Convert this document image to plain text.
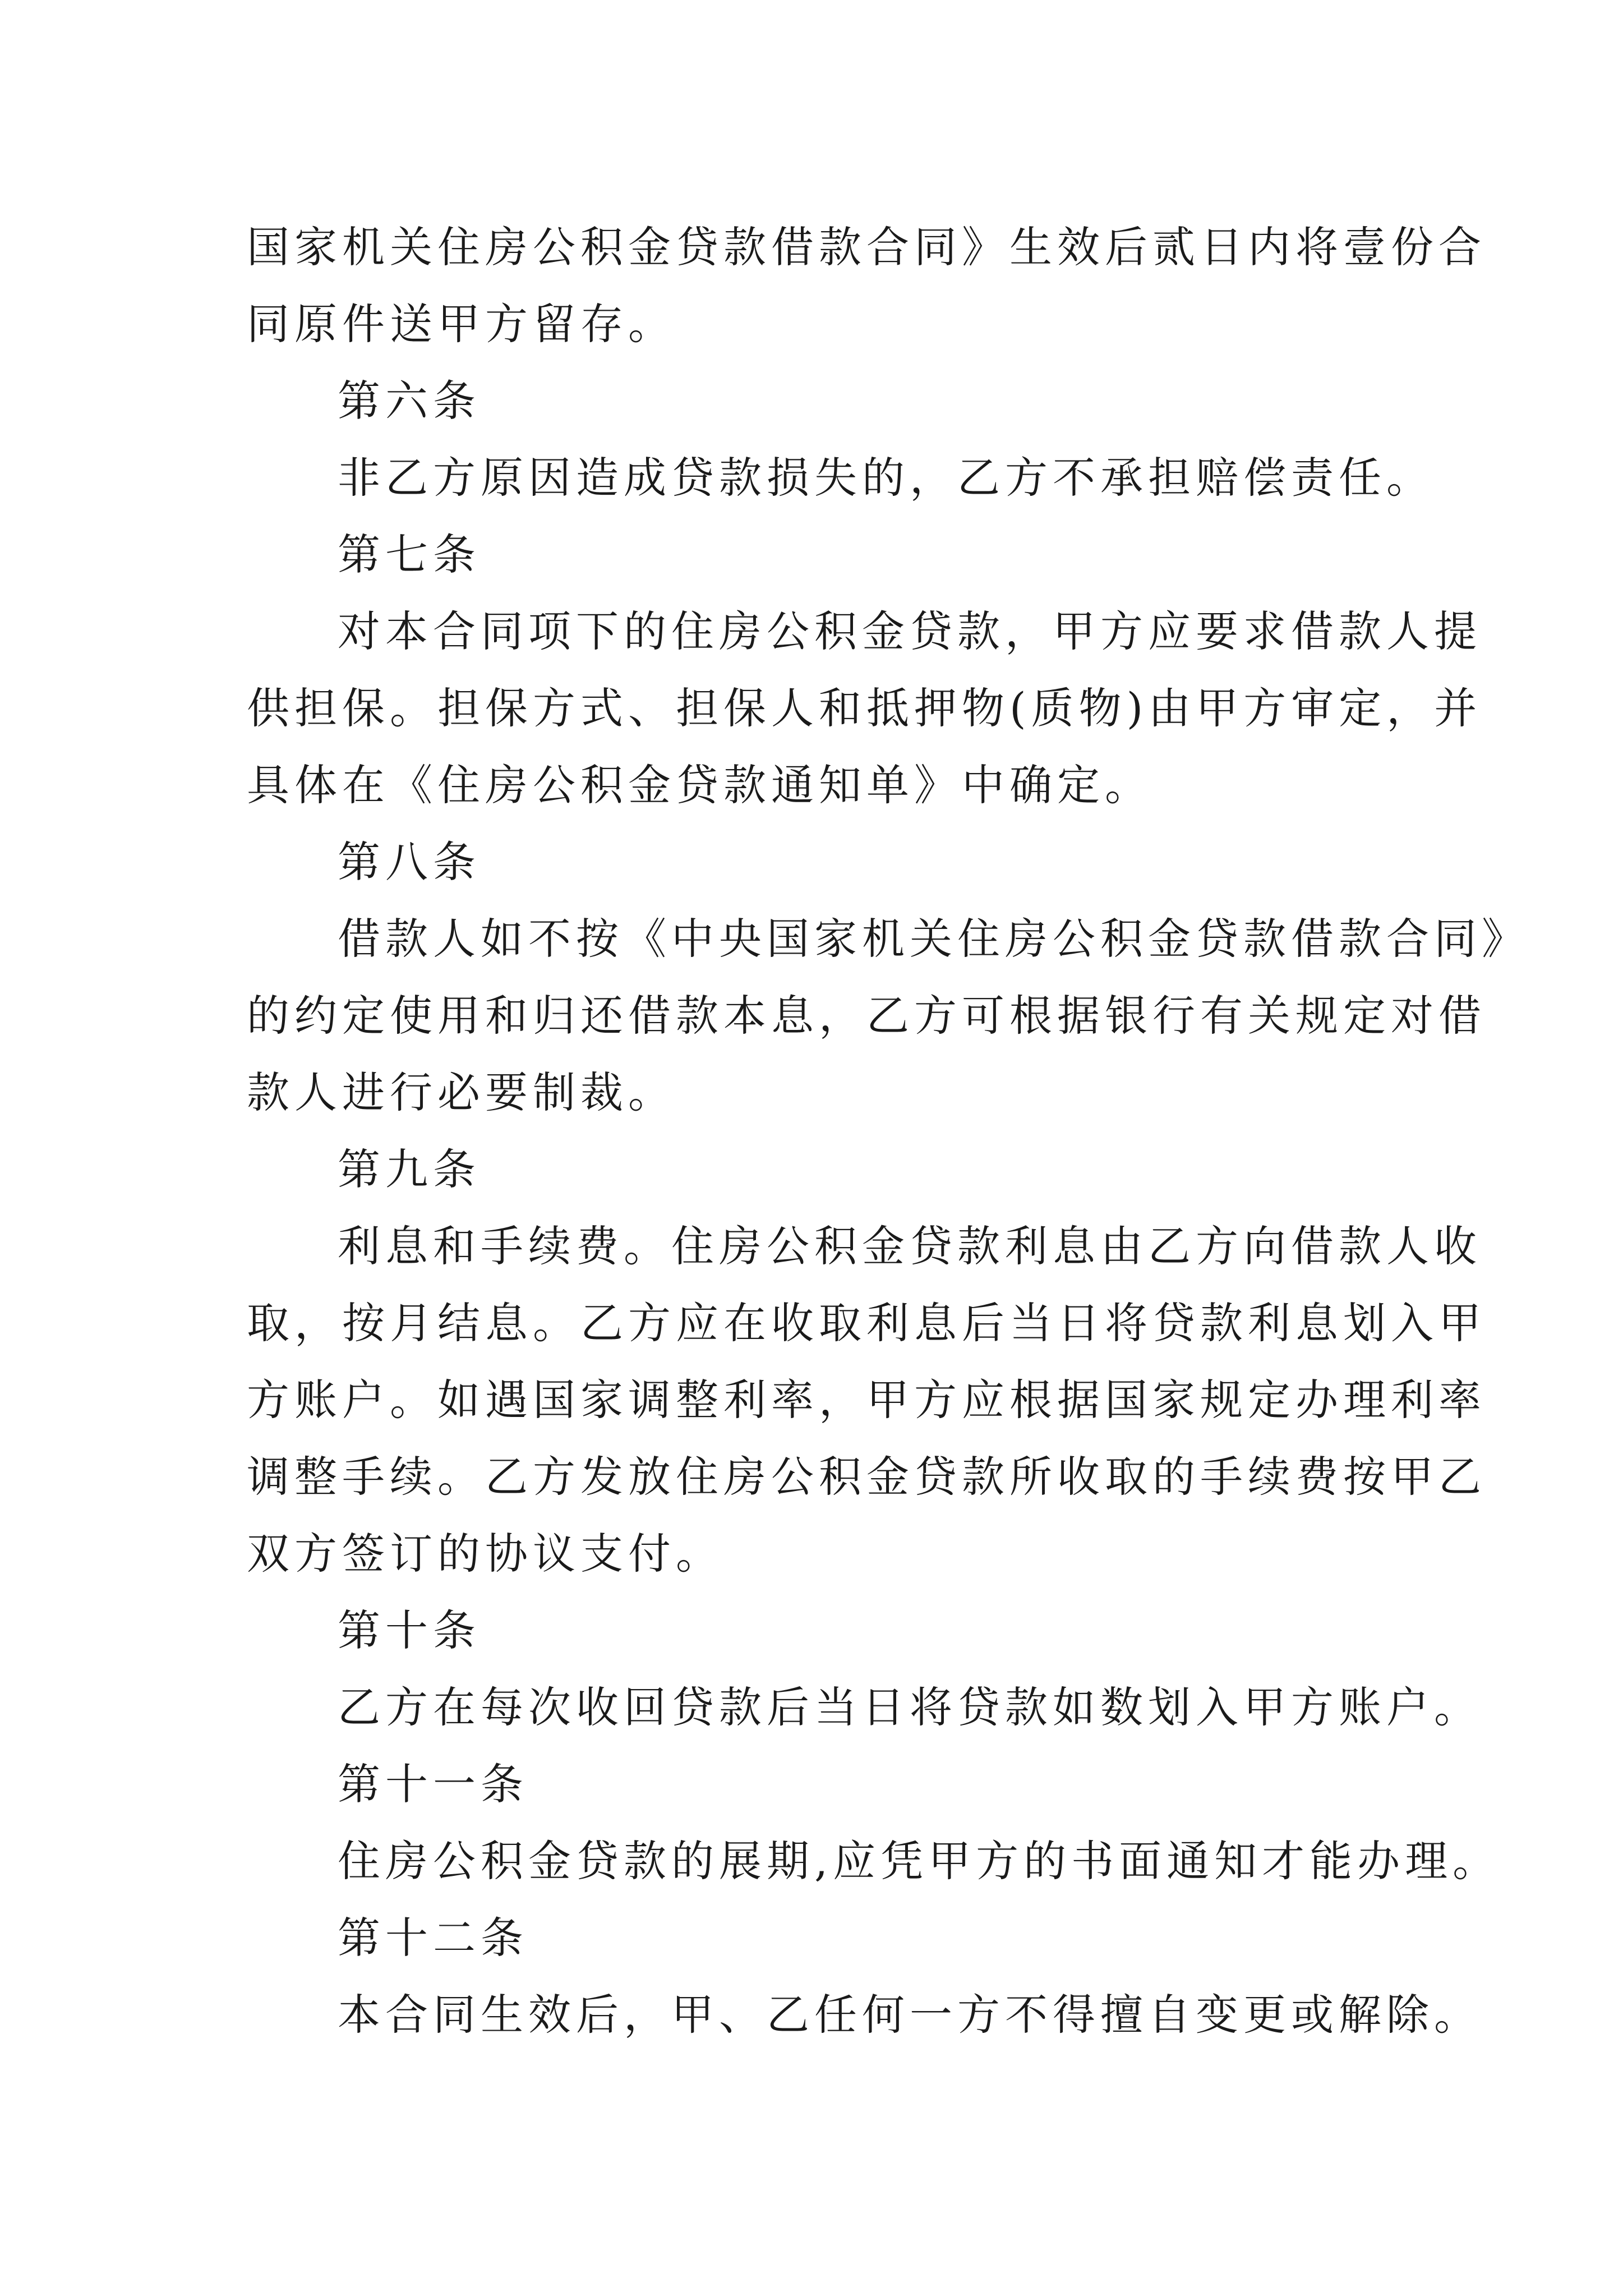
国家机关住房公积金贷款借款合同》生效后贰日内将壹份合
同原件送甲方留存。
第六条
非乙方原因造成贷款损失的，乙方不承担赔偿责任。
第七条
对本合同项下的住房公积金贷款，甲方应要求借款人提
供担保。担保方式、担保人和抵押物(质物)由甲方审定，并
具体在《住房公积金贷款通知单》中确定。
第八条
借款人如不按《中央国家机关住房公积金贷款借款合同》
的约定使用和归还借款本息，乙方可根据银行有关规定对借
款人进行必要制裁。
第九条
利息和手续费。住房公积金贷款利息由乙方向借款人收
取，按月结息。乙方应在收取利息后当日将贷款利息划入甲
方账户。如遇国家调整利率，甲方应根据国家规定办理利率
调整手续。乙方发放住房公积金贷款所收取的手续费按甲乙
双方签订的协议支付。
第十条
乙方在每次收回贷款后当日将贷款如数划入甲方账户。
第十一条
住房公积金贷款的展期,应凭甲方的书面通知才能办理。
第十二条
本合同生效后，甲、乙任何一方不得擅自变更或解除。
